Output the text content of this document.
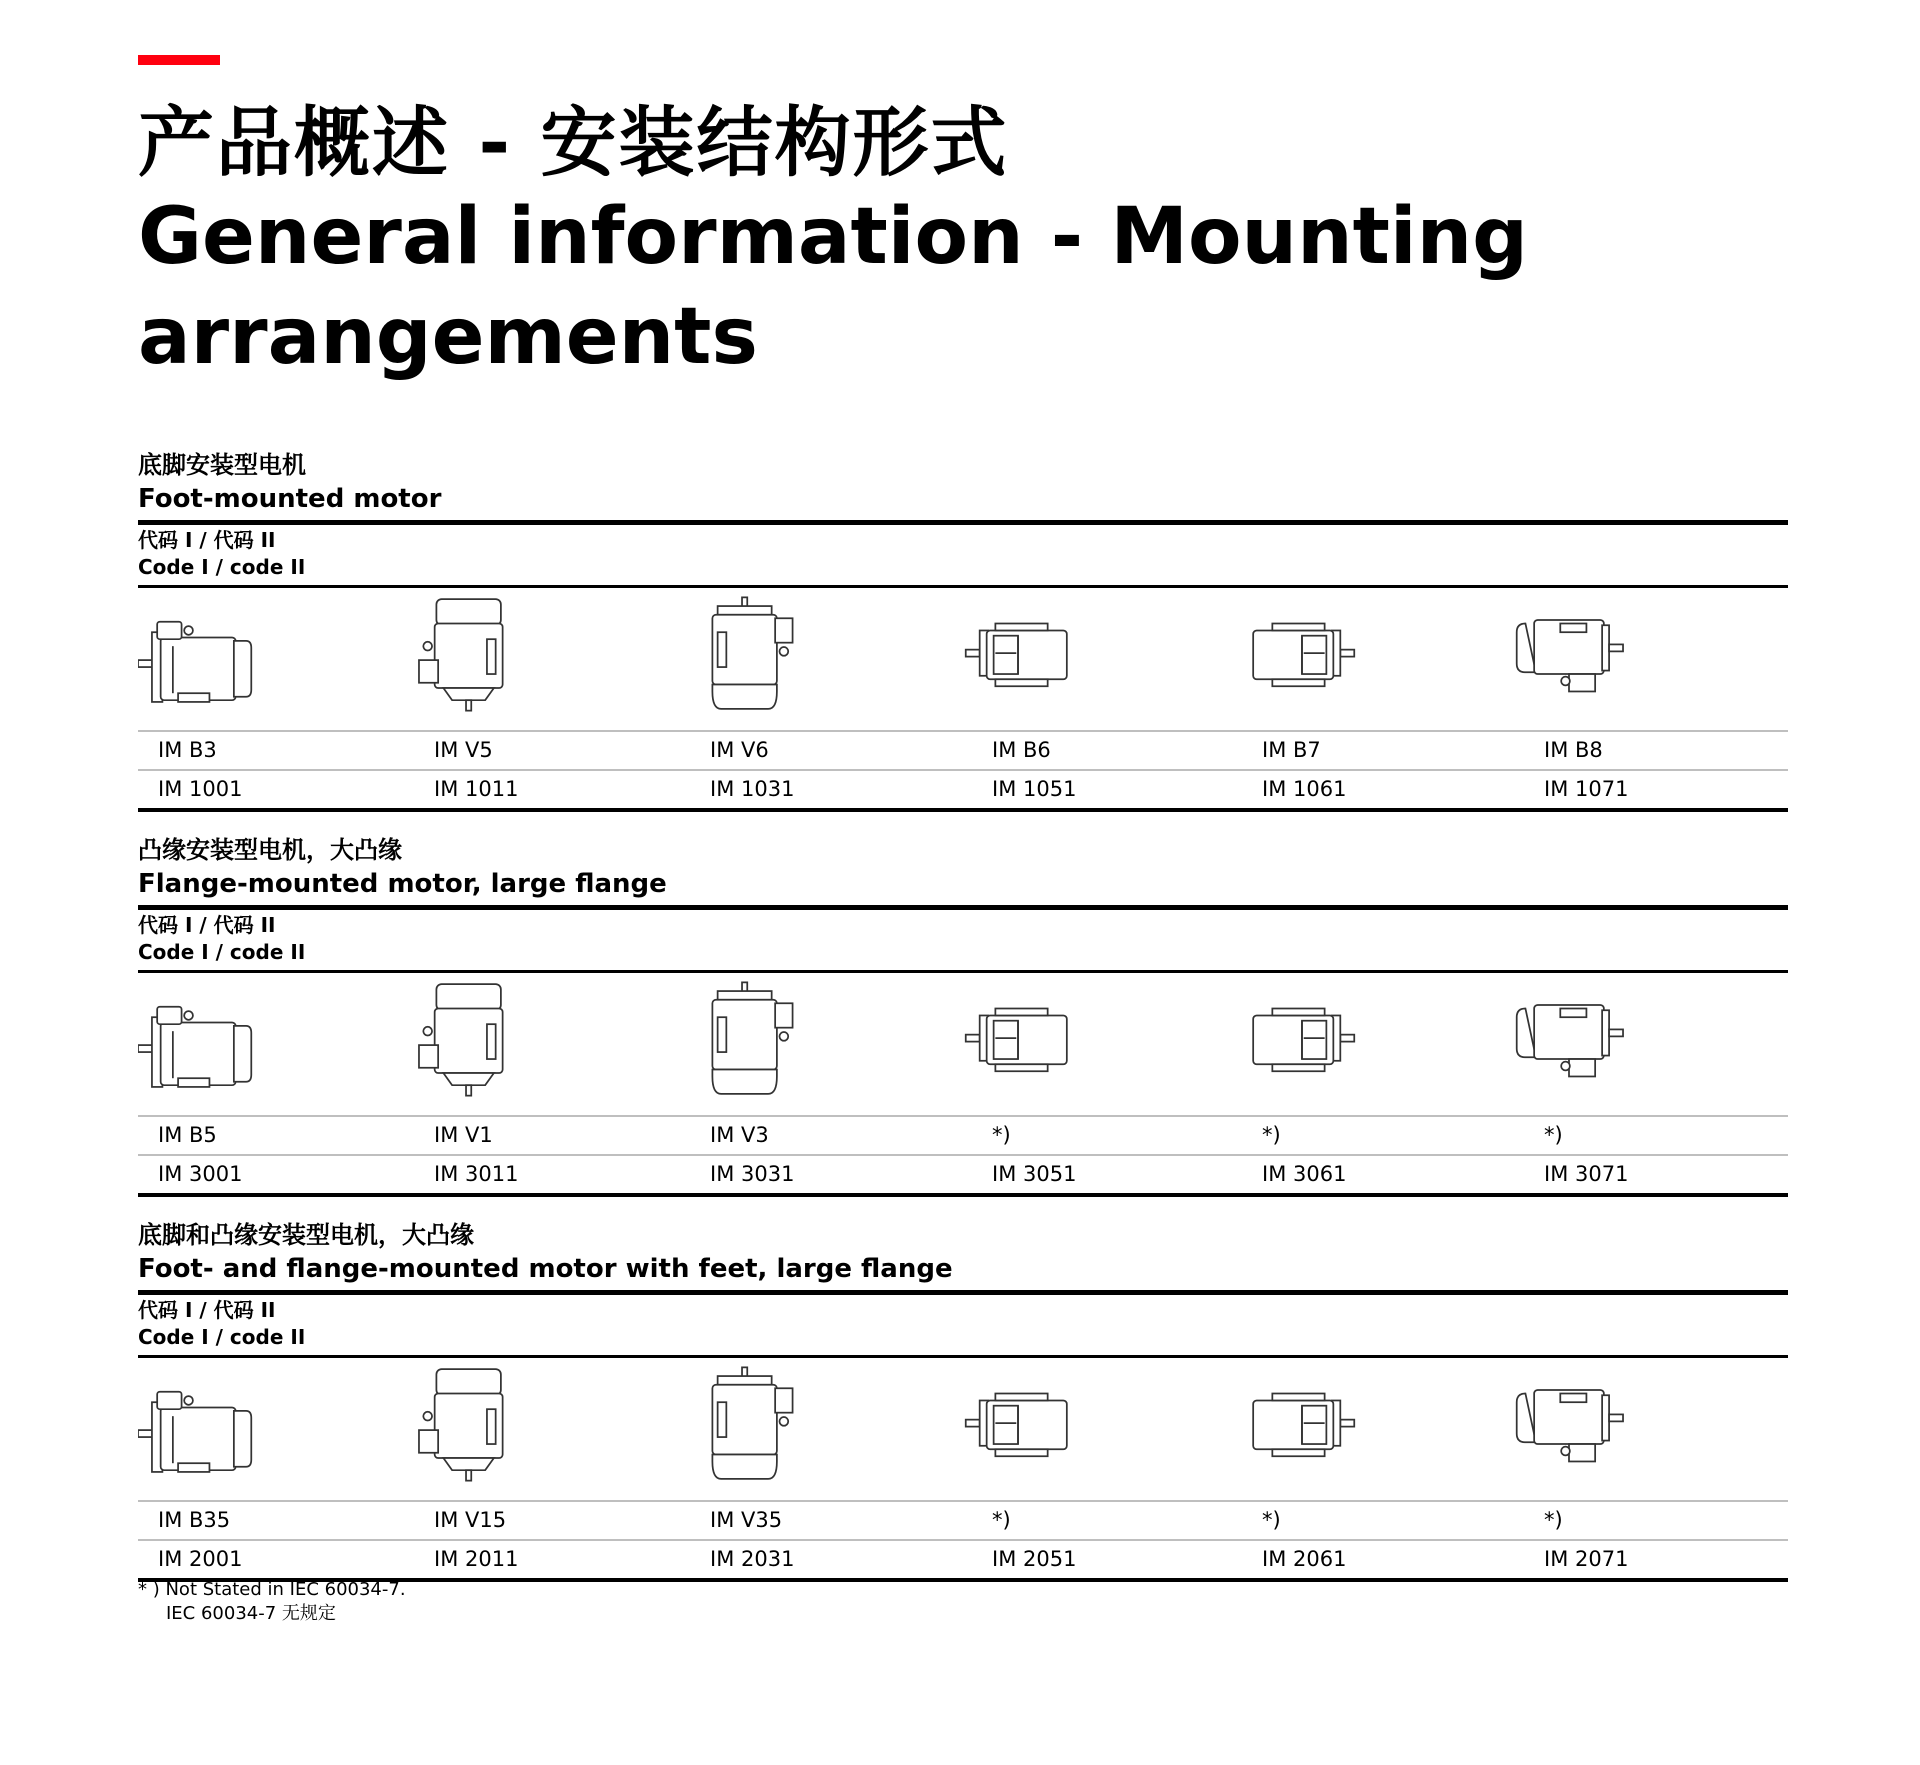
产品概述 - 安装结构形式
General information - Mounting arrangements
底脚安装型电机
Foot-mounted motor
代码 I / 代码 II
Code I / code II
IM B3	IM V5	IM V6	IM B6	IM B7	IM B8
IM 1001	IM 1011	IM 1031	IM 1051	IM 1061	IM 1071
凸缘安装型电机，大凸缘
Flange-mounted motor, large flange
代码 I / 代码 II
Code I / code II
IM B5	IM V1	IM V3	*)	*)	*)
IM 3001	IM 3011	IM 3031	IM 3051	IM 3061	IM 3071
底脚和凸缘安装型电机，大凸缘
Foot- and flange-mounted motor with feet, large flange
代码 I / 代码 II
Code I / code II
IM B35	IM V15	IM V35	*)	*)	*)
IM 2001	IM 2011	IM 2031	IM 2051	IM 2061	IM 2071
* ) Not Stated in IEC 60034-7.
IEC 60034-7 无规定
